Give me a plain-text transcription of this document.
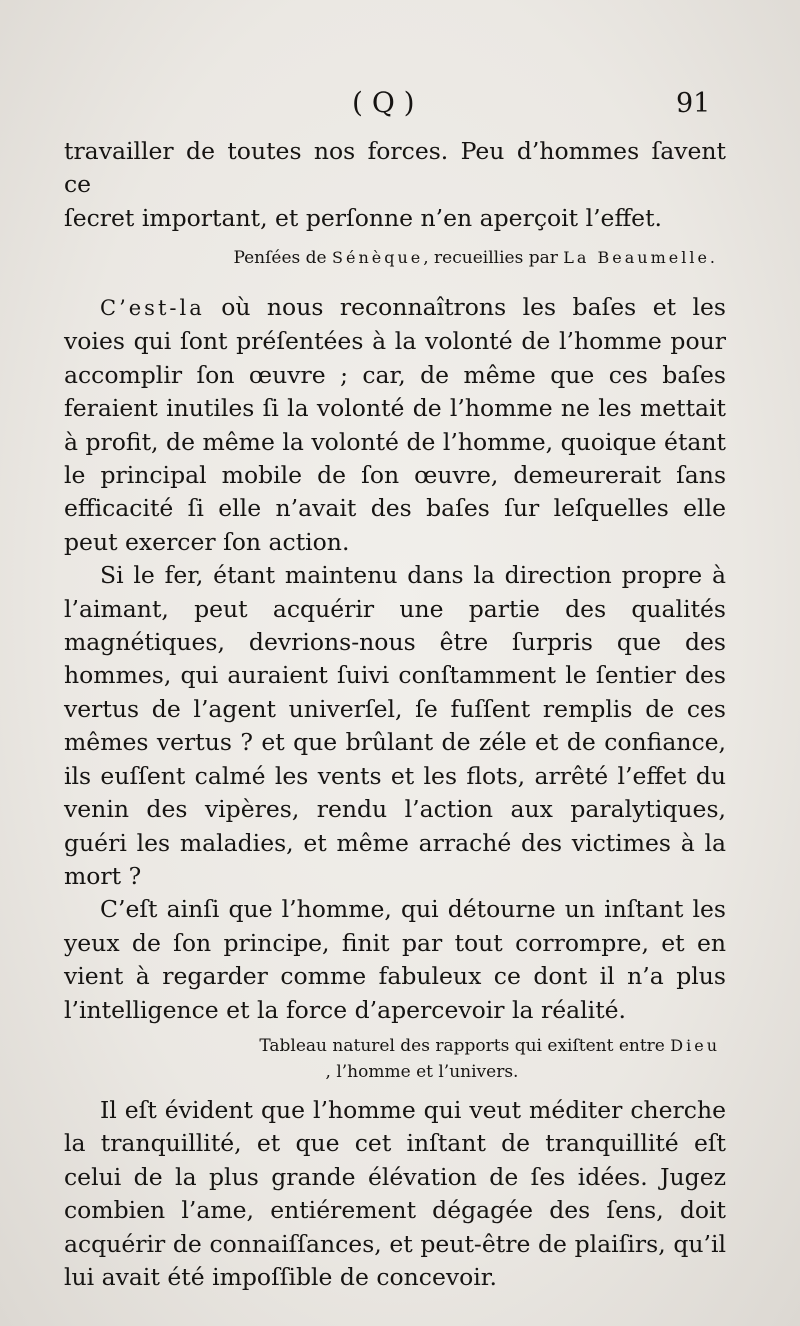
( Q )	91

travailler de toutes nos forces. Peu d’hommes ſavent ce

ſecret important, et perſonne n’en aperçoit l’effet.

Penſées de Sénèque, recueillies par La Beaumelle.

C’est-la où nous reconnaîtrons les baſes et les voies qui ſont préſentées à la volonté de l’homme pour accomplir ſon œuvre ; car, de même que ces baſes feraient inutiles ſi la volonté de l’homme ne les mettait à profit, de même la volonté de l’homme, quoique étant le principal mobile de ſon œuvre, demeurerait ſans efficacité ſi elle n’avait des baſes ſur leſquelles elle peut exercer ſon action.

Si le fer, étant maintenu dans la direction propre à l’aimant, peut acquérir une partie des qualités magnétiques, devrions-nous être ſurpris que des hommes, qui auraient ſuivi conſtamment le ſentier des vertus de l’agent univerſel, ſe fuſſent remplis de ces mêmes vertus ? et que brûlant de zéle et de confiance, ils euſſent calmé les vents et les flots, arrêté l’effet du venin des vipères, rendu l’action aux paralytiques, guéri les maladies, et même arraché des victimes à la mort ?

C’eſt ainſi que l’homme, qui détourne un inſtant les yeux de ſon principe, finit par tout corrompre, et en vient à regarder comme fabuleux ce dont il n’a plus l’intelligence et la force d’apercevoir la réalité.

Tableau naturel des rapports qui exiſtent entre Dieu
, l’homme et l’univers.

Il eſt évident que l’homme qui veut méditer cherche la tranquillité, et que cet inſtant de tranquillité eſt celui de la plus grande élévation de ſes idées. Jugez combien l’ame, entiérement dégagée des ſens, doit acquérir de connaiſſances, et peut-être de plaiſirs, qu’il lui avait été impoſſible de concevoir.
